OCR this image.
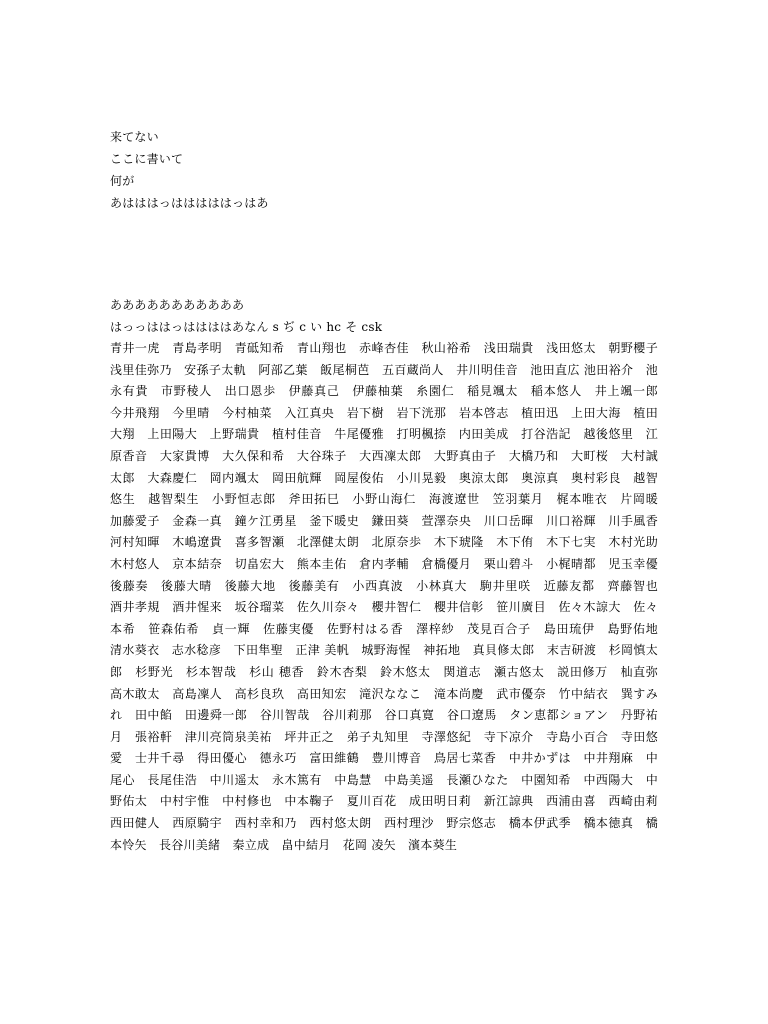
来てない
ここに書いて
何が
あはははっはははははっはあ
あああああああああああ
はっっははっははははあなん s ぢ c い hc そ csk

青井一虎　青島孝明　青砥知希　青山翔也　赤峰杏佳　秋山裕希　浅田瑞貴　浅田悠太　朝野櫻子　浅里佳弥乃　安孫子太軌　阿部乙葉　飯尾桐芭　五百蔵尚人　井川明佳音　池田直広 池田裕介　池永有貴　市野稜人　出口恩歩　伊藤真己　伊藤柚葉　糸園仁　稲見颯太　稲本悠人　井上颯一郎　今井飛翔　今里晴　今村柚菜　入江真央　岩下樹　岩下洸那　岩本啓志　植田迅　上田大海　植田大翔　上田陽大　上野瑞貴　植村佳音　牛尾優雅　打明楓捺　内田美成　打谷浩記　越後悠里　江原香音　大家貴博　大久保和希　大谷珠子　大西凜太郎　大野真由子　大橋乃和　大町桜　大村誠太郎　大森慶仁　岡内颯太　岡田航輝　岡屋俊佑　小川晃毅　奥涼太郎　奥涼真　奥村彩良　越智悠生　越智梨生　小野恒志郎　斧田拓巳　小野山海仁　海渡遼世　笠羽葉月　梶本唯衣　片岡暖　加藤愛子　金森一真　鐘ケ江勇星　釜下暖史　鎌田葵　萱澤奈央　川口岳暉　川口裕輝　川手風香　河村知暉　木嶋遼貴　喜多智瀬　北澤健太朗　北原奈歩　木下琥隆　木下侑　木下七実　木村光助　木村悠人　京本結奈　切畠宏大　熊本圭佑　倉内孝輔　倉橋優月　栗山碧斗　小梶晴都　児玉幸優　後藤奏　後藤大晴　後藤大地　後藤美有　小西真波　小林真大　駒井里咲　近藤友都　齊藤智也　酒井孝規　酒井惺来　坂谷瑠菜　佐久川奈々　櫻井智仁　櫻井信彰　笹川廣目　佐々木諒大　佐々本希　笹森佑希　貞一輝　佐藤実優　佐野村はる香　澤梓紗　茂見百合子　島田琉伊　島野佑地　清水葵衣　志水稔彦　下田隼聖　正津 美帆　城野海惺　神拓地　真貝修太郎　末吉研渡　杉岡慎太郎　杉野光　杉本智哉　杉山 穂香　鈴木杏梨　鈴木悠太　関道志　瀬古悠太　説田修万　杣直弥　高木敢太　高島凜人　高杉良玖　高田知宏　滝沢ななこ　滝本尚慶　武市優奈　竹中結衣　巽すみれ　田中餡　田邊舜一郎　谷川智哉　谷川莉那　谷口真寛　谷口遼馬　タン恵都ショアン　丹野祐月　張裕軒　津川亮筒泉美祐　坪井正之　弟子丸知里　寺澤悠紀　寺下凉介　寺島小百合　寺田悠愛　士井千尋　得田優心　德永巧　富田維鶴　豊川博音　鳥居七菜香　中井かずは　中井翔麻　中尾心　長尾佳浩　中川遥太　永木篤有　中島慧　中島美遥　長瀬ひなた　中園知希　中西陽大　中野佑太　中村宇惟　中村修也　中本鞠子　夏川百花　成田明日莉　新江諒典　西浦由喜　西崎由莉　西田健人　西原騎宇　西村幸和乃　西村悠太朗　西村理沙　野宗悠志　橋本伊武季　橋本徳真　橋本怜矢　長谷川美緒　秦立成　畠中結月　花岡 凌矢　濱本葵生
